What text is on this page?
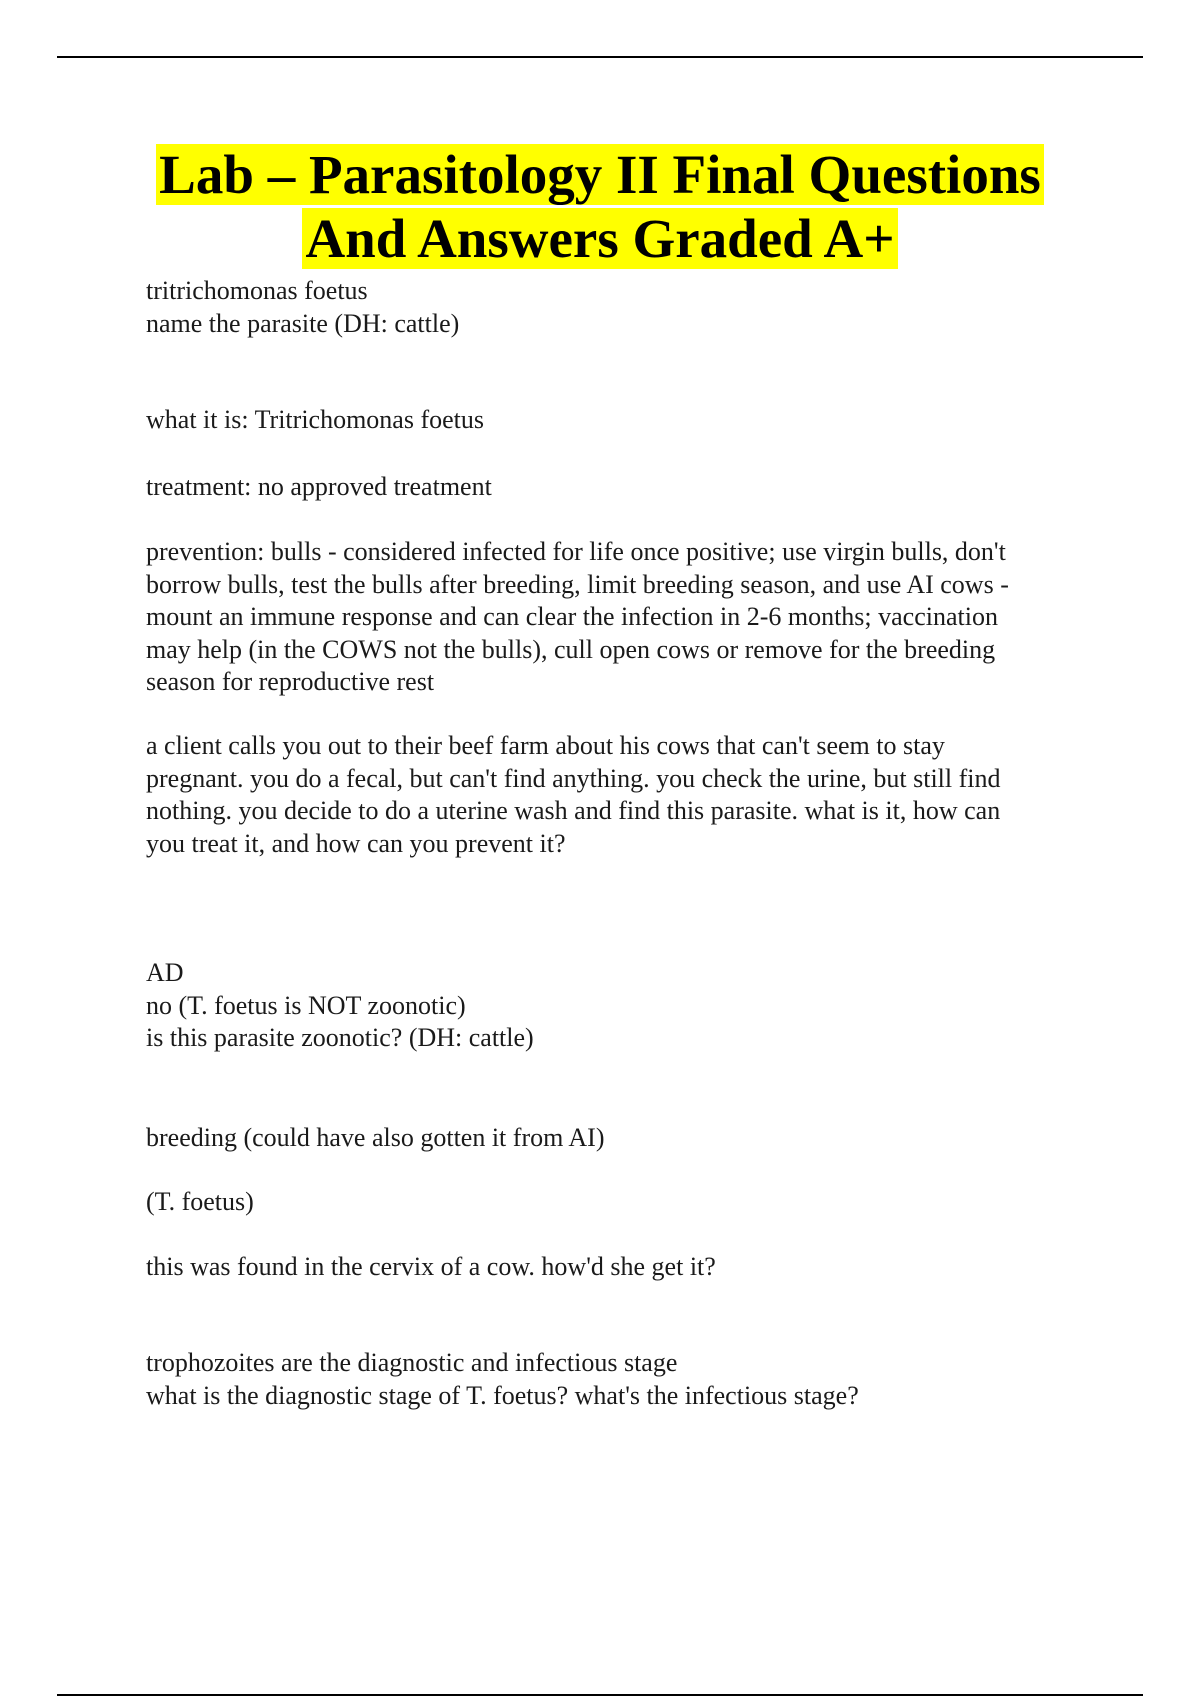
Lab – Parasitology II Final Questions
And Answers Graded A+

tritrichomonas foetus

name the parasite (DH: cattle)

what it is: Tritrichomonas foetus

treatment: no approved treatment

prevention: bulls - considered infected for life once positive; use virgin bulls, don't
borrow bulls, test the bulls after breeding, limit breeding season, and use AI cows -
mount an immune response and can clear the infection in 2-6 months; vaccination
may help (in the COWS not the bulls), cull open cows or remove for the breeding
season for reproductive rest
a client calls you out to their beef farm about his cows that can't seem to stay
pregnant. you do a fecal, but can't find anything. you check the urine, but still find
nothing. you decide to do a uterine wash and find this parasite. what is it, how can
you treat it, and how can you prevent it?

AD

no (T. foetus is NOT zoonotic)

is this parasite zoonotic? (DH: cattle)

breeding (could have also gotten it from AI)

(T. foetus)

this was found in the cervix of a cow. how'd she get it?

trophozoites are the diagnostic and infectious stage

what is the diagnostic stage of T. foetus? what's the infectious stage?
